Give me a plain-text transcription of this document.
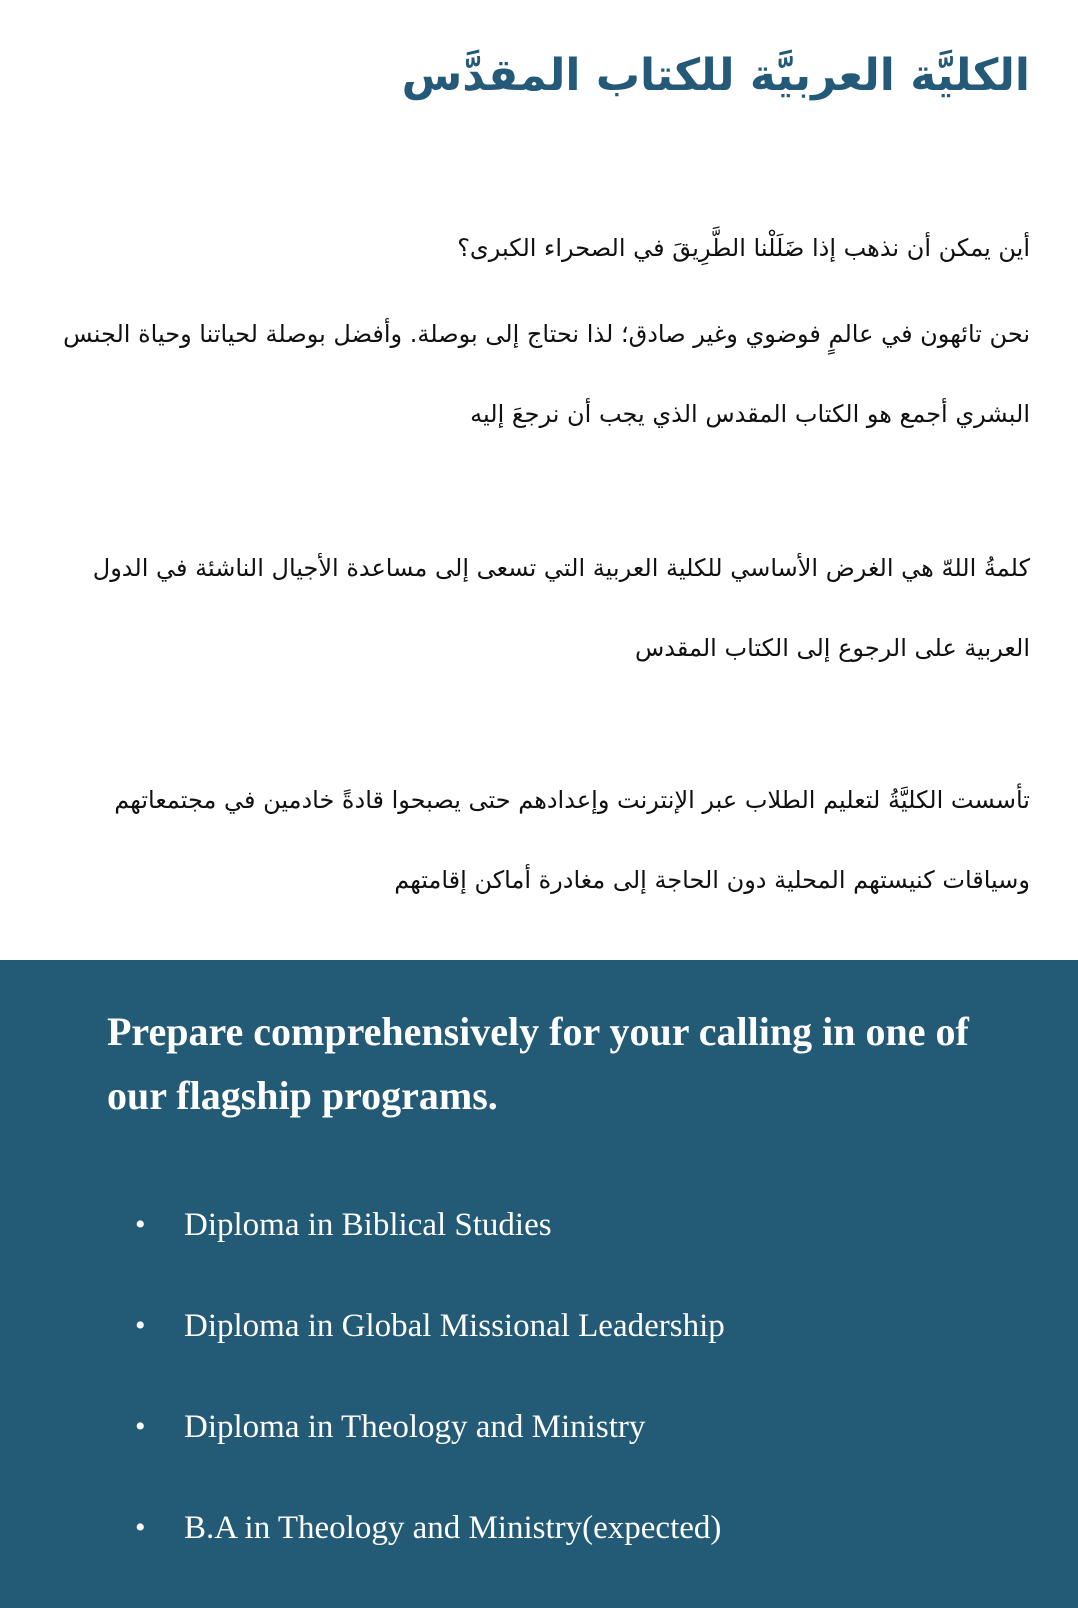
الكليَّة العربيَّة للكتاب المقدَّس

أين يمكن أن نذهب إذا ضَلَلْنا الطَّرِيقَ في الصحراء الكبرى؟

نحن تائهون في عالمٍ فوضوي وغير صادق؛ لذا نحتاج إلى بوصلة. وأفضل بوصلة لحياتنا وحياة الجنس البشري أجمع هو الكتاب المقدس الذي يجب أن نرجعَ إليه

كلمةُ اللهّ هي الغرض الأساسي للكلية العربية التي تسعى إلى مساعدة الأجيال الناشئة في الدول العربية على الرجوع إلى الكتاب المقدس

تأسست الكليَّةُ لتعليم الطلاب عبر الإنترنت وإعدادهم حتى يصبحوا قادةً خادمين في مجتمعاتهم وسياقات كنيستهم المحلية دون الحاجة إلى مغادرة أماكن إقامتهم

Prepare comprehensively for your calling in one of our flagship programs.
•	Diploma in Biblical Studies
•	Diploma in Global Missional Leadership
•	Diploma in Theology and Ministry
•	B.A in Theology and Ministry(expected)
